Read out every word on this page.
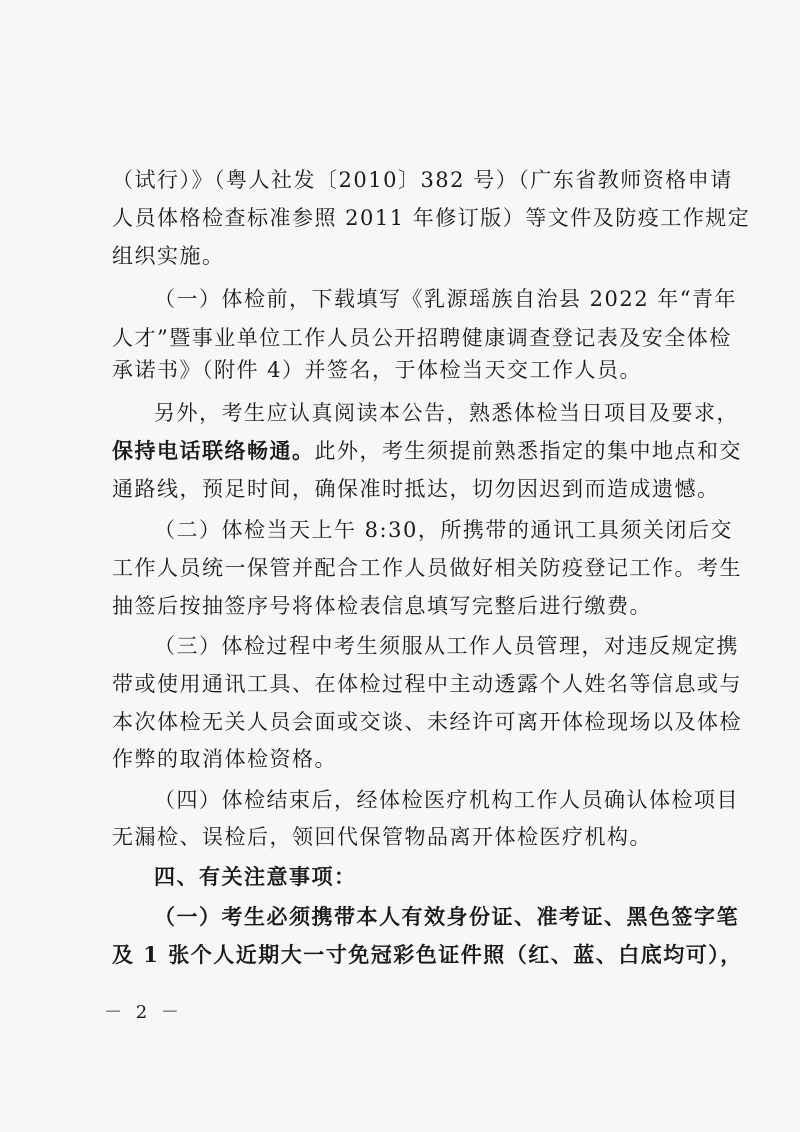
（试行）》（粤人社发〔2010〕382 号）（广东省教师资格申请
人员体格检查标准参照 2011 年修订版）等文件及防疫工作规定
组织实施。
（一）体检前，下载填写《乳源瑶族自治县 2022 年“青年
人才”暨事业单位工作人员公开招聘健康调查登记表及安全体检
承诺书》（附件 4）并签名，于体检当天交工作人员。
另外，考生应认真阅读本公告，熟悉体检当日项目及要求，
保持电话联络畅通。此外，考生须提前熟悉指定的集中地点和交
通路线，预足时间，确保准时抵达，切勿因迟到而造成遗憾。
（二）体检当天上午 8:30，所携带的通讯工具须关闭后交
工作人员统一保管并配合工作人员做好相关防疫登记工作。考生
抽签后按抽签序号将体检表信息填写完整后进行缴费。
（三）体检过程中考生须服从工作人员管理，对违反规定携
带或使用通讯工具、在体检过程中主动透露个人姓名等信息或与
本次体检无关人员会面或交谈、未经许可离开体检现场以及体检
作弊的取消体检资格。
（四）体检结束后，经体检医疗机构工作人员确认体检项目
无漏检、误检后，领回代保管物品离开体检医疗机构。
四、有关注意事项：
（一）考生必须携带本人有效身份证、准考证、黑色签字笔
及 1 张个人近期大一寸免冠彩色证件照（红、蓝、白底均可），
－ 2 －
